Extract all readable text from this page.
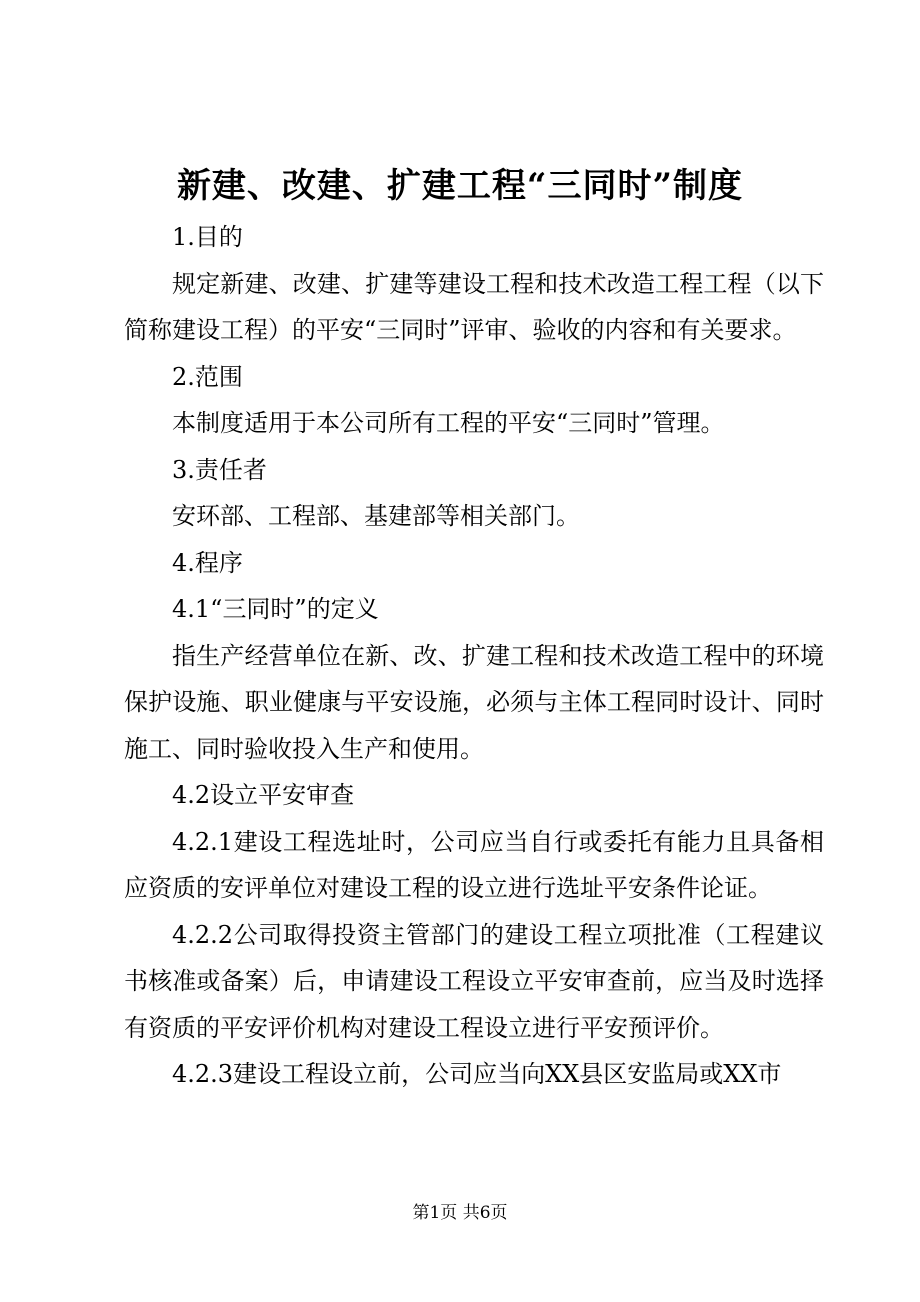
新建、改建、扩建工程“三同时”制度

1.目的

规定新建、改建、扩建等建设工程和技术改造工程工程（以下简称建设工程）的平安“三同时”评审、验收的内容和有关要求。

2.范围

本制度适用于本公司所有工程的平安“三同时”管理。

3.责任者

安环部、工程部、基建部等相关部门。

4.程序

4.1“三同时”的定义

指生产经营单位在新、改、扩建工程和技术改造工程中的环境保护设施、职业健康与平安设施，必须与主体工程同时设计、同时施工、同时验收投入生产和使用。

4.2设立平安审查

4.2.1建设工程选址时，公司应当自行或委托有能力且具备相应资质的安评单位对建设工程的设立进行选址平安条件论证。

4.2.2公司取得投资主管部门的建设工程立项批准（工程建议书核准或备案）后，申请建设工程设立平安审查前，应当及时选择有资质的平安评价机构对建设工程设立进行平安预评价。

4.2.3建设工程设立前，公司应当向XX县区安监局或XX市

第1页 共6页
